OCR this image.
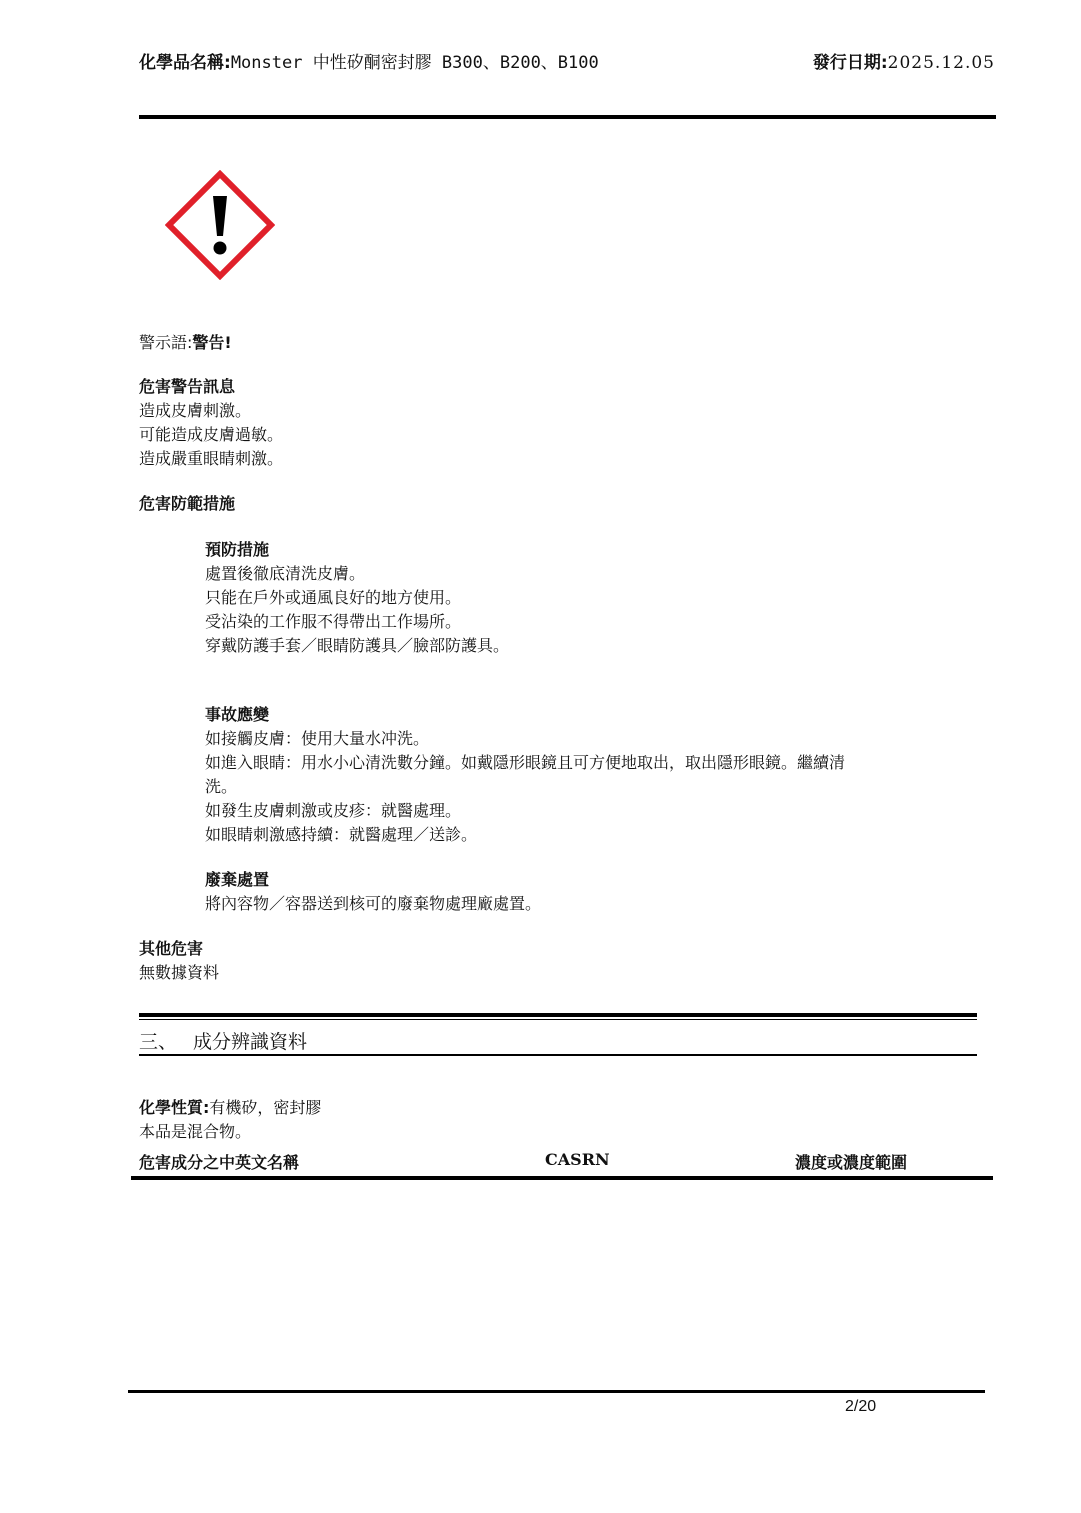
化學品名稱:Monster 中性矽酮密封膠 B300、B200、B100	發行日期:2025.12.05
警示語:警告!
危害警告訊息
造成皮膚刺激。
可能造成皮膚過敏。
造成嚴重眼睛刺激。
危害防範措施
預防措施
處置後徹底清洗皮膚。
只能在戶外或通風良好的地方使用。
受沾染的工作服不得帶出工作場所。
穿戴防護手套／眼睛防護具／臉部防護具。
事故應變
如接觸皮膚：使用大量水冲洗。
如進入眼睛：用水小心清洗數分鐘。如戴隱形眼鏡且可方便地取出，取出隱形眼鏡。繼續清
洗。
如發生皮膚刺激或皮疹：就醫處理。
如眼睛刺激感持續：就醫處理／送診。
廢棄處置
將內容物／容器送到核可的廢棄物處理廠處置。
其他危害
無數據資料
三、 成分辨識資料
化學性質:有機矽，密封膠
本品是混合物。
危害成分之中英文名稱	CASRN	濃度或濃度範圍
2/20
